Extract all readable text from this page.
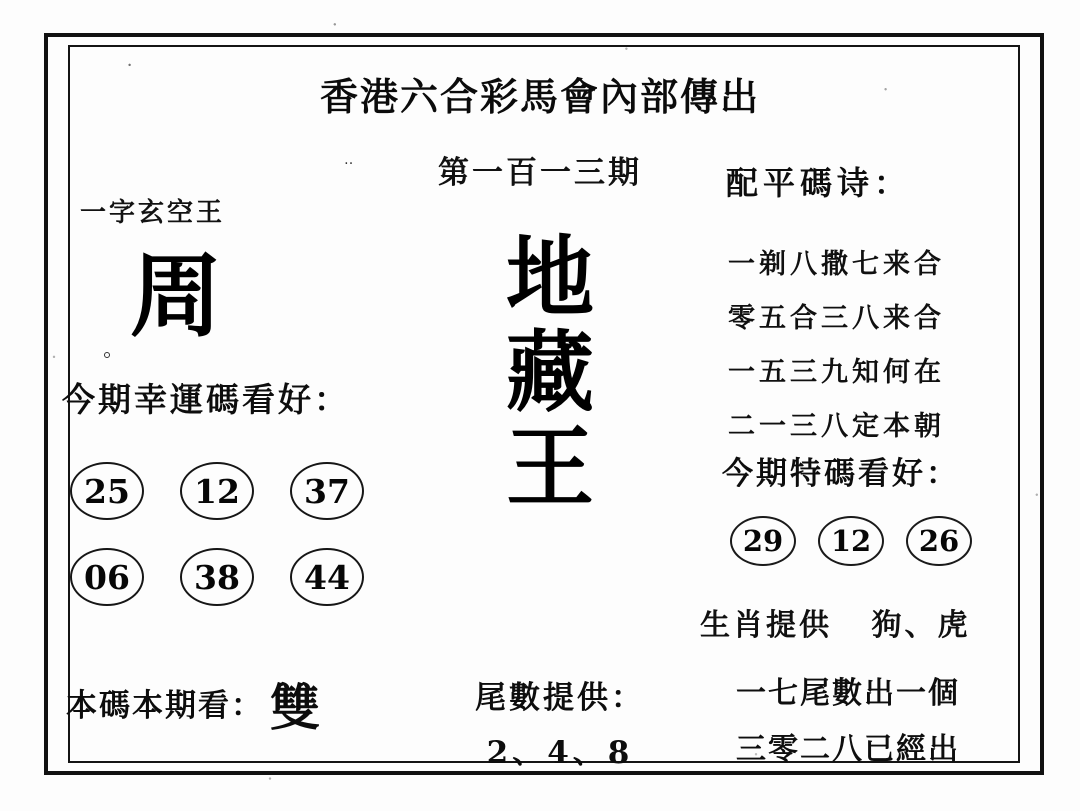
香港六合彩馬會內部傳出
‥	第一百一三期
一字玄空王
周
今期幸運碼看好：
25	12	37
06	38	44
本碼本期看： 雙
地
藏
王
尾數提供：
2、4、8
配平碼诗：
一剃八撒七来合
零五合三八来合
一五三九知何在
二一三八定本朝
今期特碼看好：
29	12	26
生肖提供 狗、虎
一七尾數出一個
三零二八已經出
